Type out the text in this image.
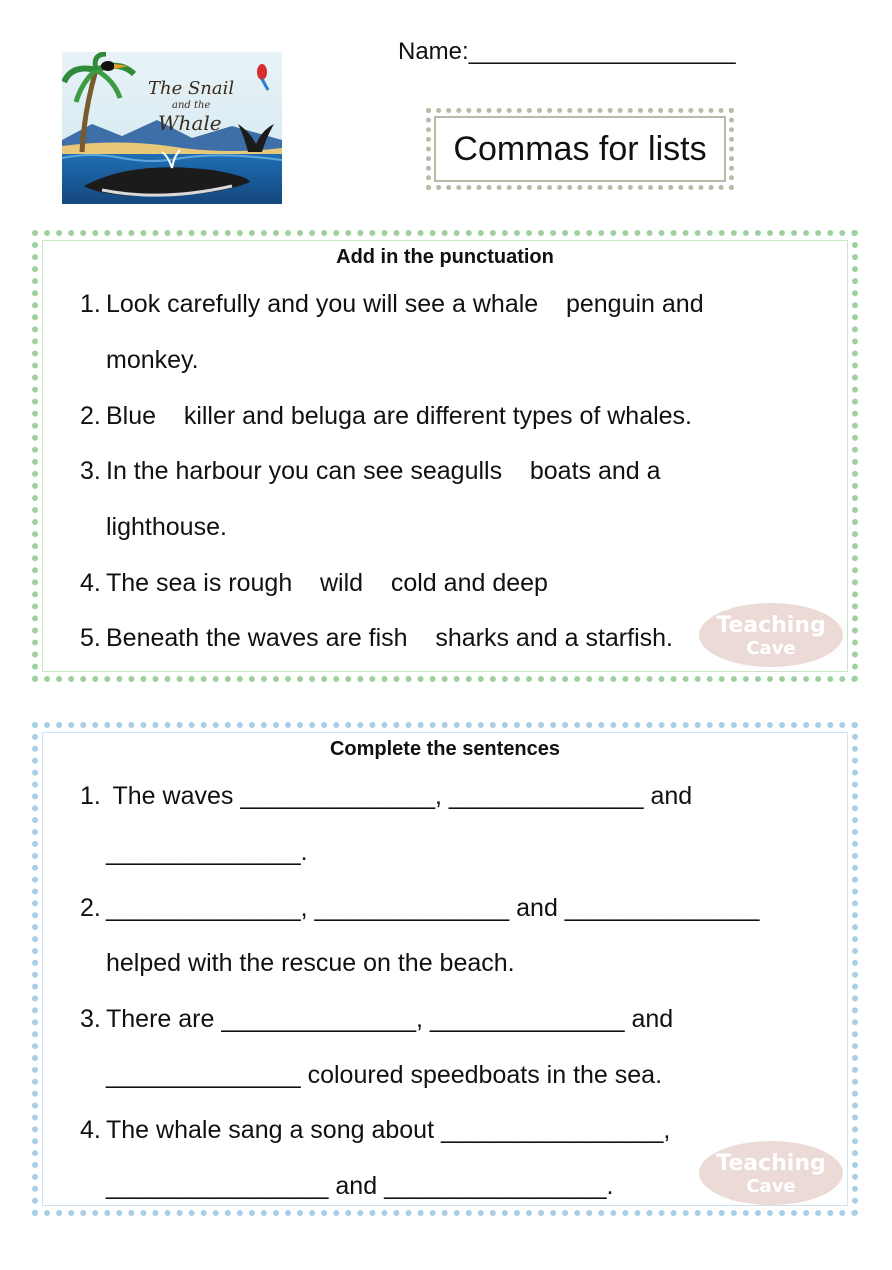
The Snail
and the
Whale
Name:____________________
Commas for lists
Add in the punctuation
1. Look carefully and you will see a whale    penguin and
monkey.
2. Blue    killer and beluga are different types of whales.
3. In the harbour you can see seagulls    boats and a
lighthouse.
4. The sea is rough    wild    cold and deep
5. Beneath the waves are fish    sharks and a starfish. Teaching
Cave
Complete the sentences
1. The waves ______________, ______________ and
______________.
2. ______________, ______________ and ______________
helped with the rescue on the beach.
3. There are ______________, ______________ and
______________ coloured speedboats in the sea.
4. The whale sang a song about ________________,
________________ and ________________.
Teaching
Cave
